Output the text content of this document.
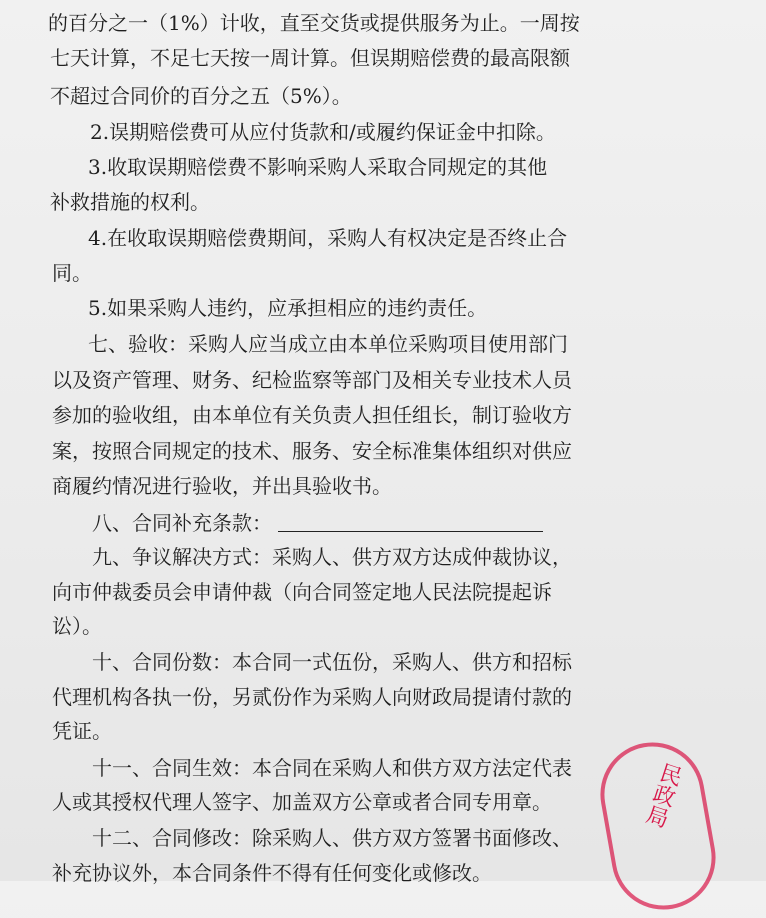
的百分之一（1%）计收，直至交货或提供服务为止。一周按
七天计算，不足七天按一周计算。但误期赔偿费的最高限额
不超过合同价的百分之五（5%）。
2.误期赔偿费可从应付货款和/或履约保证金中扣除。
3.收取误期赔偿费不影响采购人采取合同规定的其他
补救措施的权利。
4.在收取误期赔偿费期间，采购人有权决定是否终止合
同。
5.如果采购人违约，应承担相应的违约责任。
七、验收：采购人应当成立由本单位采购项目使用部门
以及资产管理、财务、纪检监察等部门及相关专业技术人员
参加的验收组，由本单位有关负责人担任组长，制订验收方
案，按照合同规定的技术、服务、安全标准集体组织对供应
商履约情况进行验收，并出具验收书。
八、合同补充条款：
九、争议解决方式：采购人、供方双方达成仲裁协议，
向市仲裁委员会申请仲裁（向合同签定地人民法院提起诉
讼）。
十、合同份数：本合同一式伍份，采购人、供方和招标
代理机构各执一份，另贰份作为采购人向财政局提请付款的
凭证。
十一、合同生效：本合同在采购人和供方双方法定代表
人或其授权代理人签字、加盖双方公章或者合同专用章。
十二、合同修改：除采购人、供方双方签署书面修改、
补充协议外，本合同条件不得有任何变化或修改。
民政局
